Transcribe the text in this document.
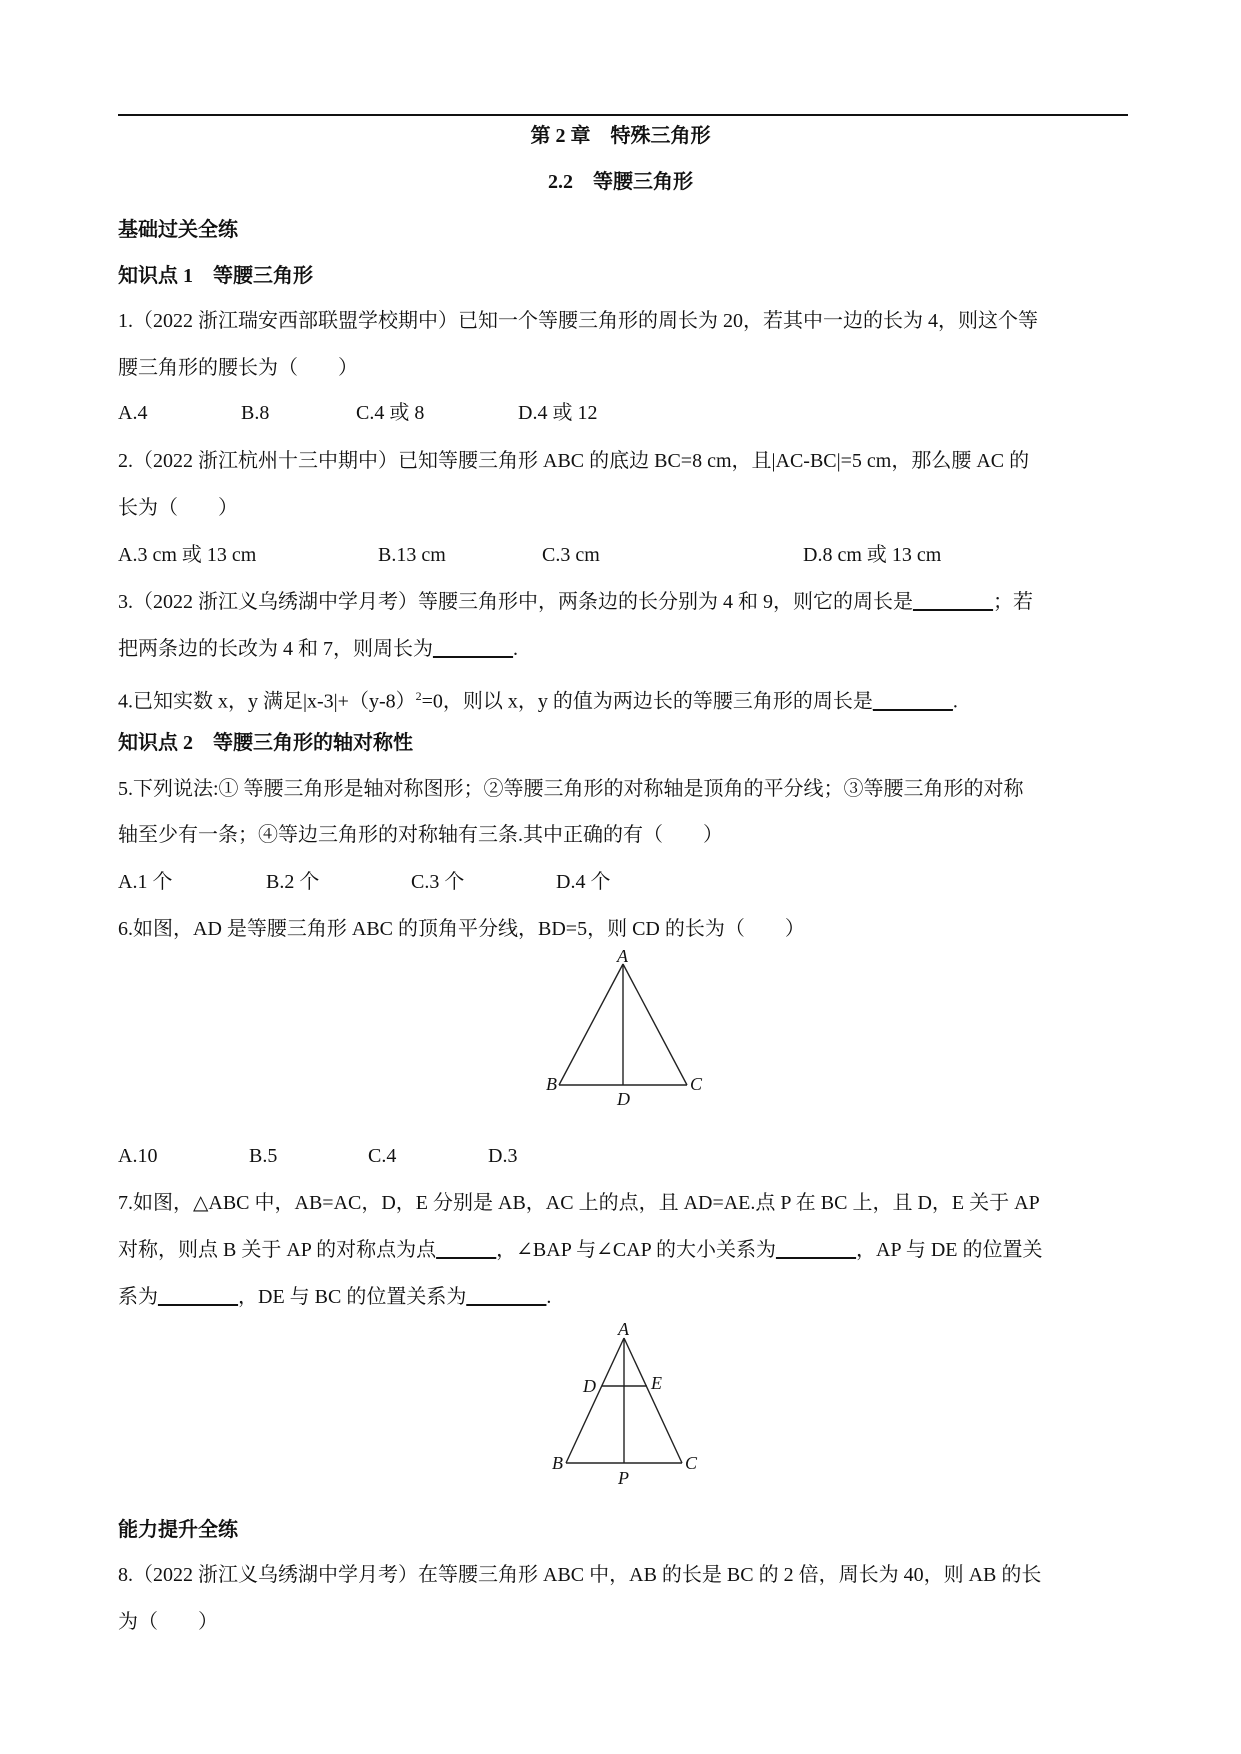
第 2 章　特殊三角形
2.2　等腰三角形
基础过关全练
知识点 1 等腰三角形
1.（2022 浙江瑞安西部联盟学校期中）已知一个等腰三角形的周长为 20，若其中一边的长为 4，则这个等
腰三角形的腰长为（　　）
A.4	B.8	C.4 或 8	D.4 或 12
2.（2022 浙江杭州十三中期中）已知等腰三角形 ABC 的底边 BC=8 cm，且|AC-BC|=5 cm，那么腰 AC 的
长为（　　）
A.3 cm 或 13 cm	B.13 cm	C.3 cm	D.8 cm 或 13 cm
3.（2022 浙江义乌绣湖中学月考）等腰三角形中，两条边的长分别为 4 和 9，则它的周长是________；若
把两条边的长改为 4 和 7，则周长为________.
4.已知实数 x，y 满足$|x-3|+(y-8)^2=0$，则以 x，y 的值为两边长的等腰三角形的周长是________.
知识点 2 等腰三角形的轴对称性
5.下列说法:① 等腰三角形是轴对称图形；②等腰三角形的对称轴是顶角的平分线；③等腰三角形的对称
轴至少有一条；④等边三角形的对称轴有三条.其中正确的有（　　）
A.1 个	B.2 个	C.3 个	D.4 个
6.如图，AD 是等腰三角形 ABC 的顶角平分线，BD=5，则 CD 的长为（　　）
A
B	C
D
A.10	B.5	C.4	D.3
7.如图，△ABC 中，AB=AC，D，E 分别是 AB，AC 上的点，且 AD=AE.点 P 在 BC 上，且 D，E 关于 AP
对称，则点 B 关于 AP 的对称点为点______，∠BAP 与∠CAP 的大小关系为________，AP 与 DE 的位置关
系为________，DE 与 BC 的位置关系为________.
A
B	C
D	E
P
能力提升全练
8.（2022 浙江义乌绣湖中学月考）在等腰三角形 ABC 中，AB 的长是 BC 的 2 倍，周长为 40，则 AB 的长
为（　　）
